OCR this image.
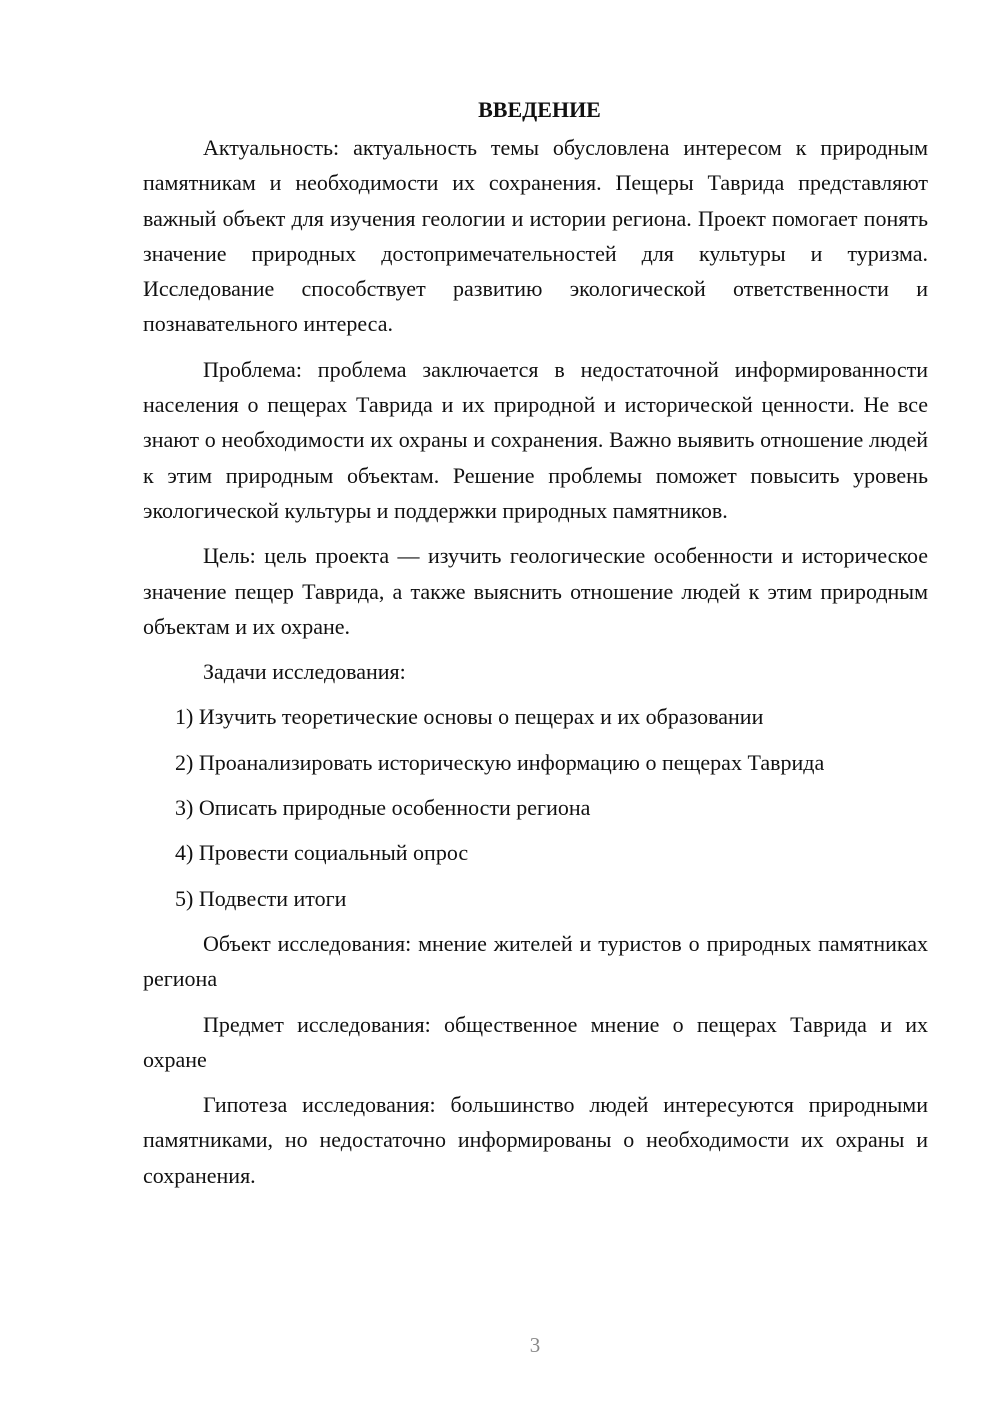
ВВЕДЕНИЕ

Актуальность: актуальность темы обусловлена интересом к природным памятникам и необходимости их сохранения. Пещеры Таврида представляют важный объект для изучения геологии и истории региона. Проект помогает понять значение природных достопримечательностей для культуры и туризма. Исследование способствует развитию экологической ответственности и познавательного интереса.

Проблема: проблема заключается в недостаточной информированности населения о пещерах Таврида и их природной и исторической ценности. Не все знают о необходимости их охраны и сохранения. Важно выявить отношение людей к этим природным объектам. Решение проблемы поможет повысить уровень экологической культуры и поддержки природных памятников.

Цель: цель проекта — изучить геологические особенности и историческое значение пещер Таврида, а также выяснить отношение людей к этим природным объектам и их охране.

Задачи исследования:

1) Изучить теоретические основы о пещерах и их образовании
2) Проанализировать историческую информацию о пещерах Таврида
3) Описать природные особенности региона
4) Провести социальный опрос
5) Подвести итоги

Объект исследования: мнение жителей и туристов о природных памятниках региона

Предмет исследования: общественное мнение о пещерах Таврида и их охране

Гипотеза исследования: большинство людей интересуются природными памятниками, но недостаточно информированы о необходимости их охраны и сохранения.

3
